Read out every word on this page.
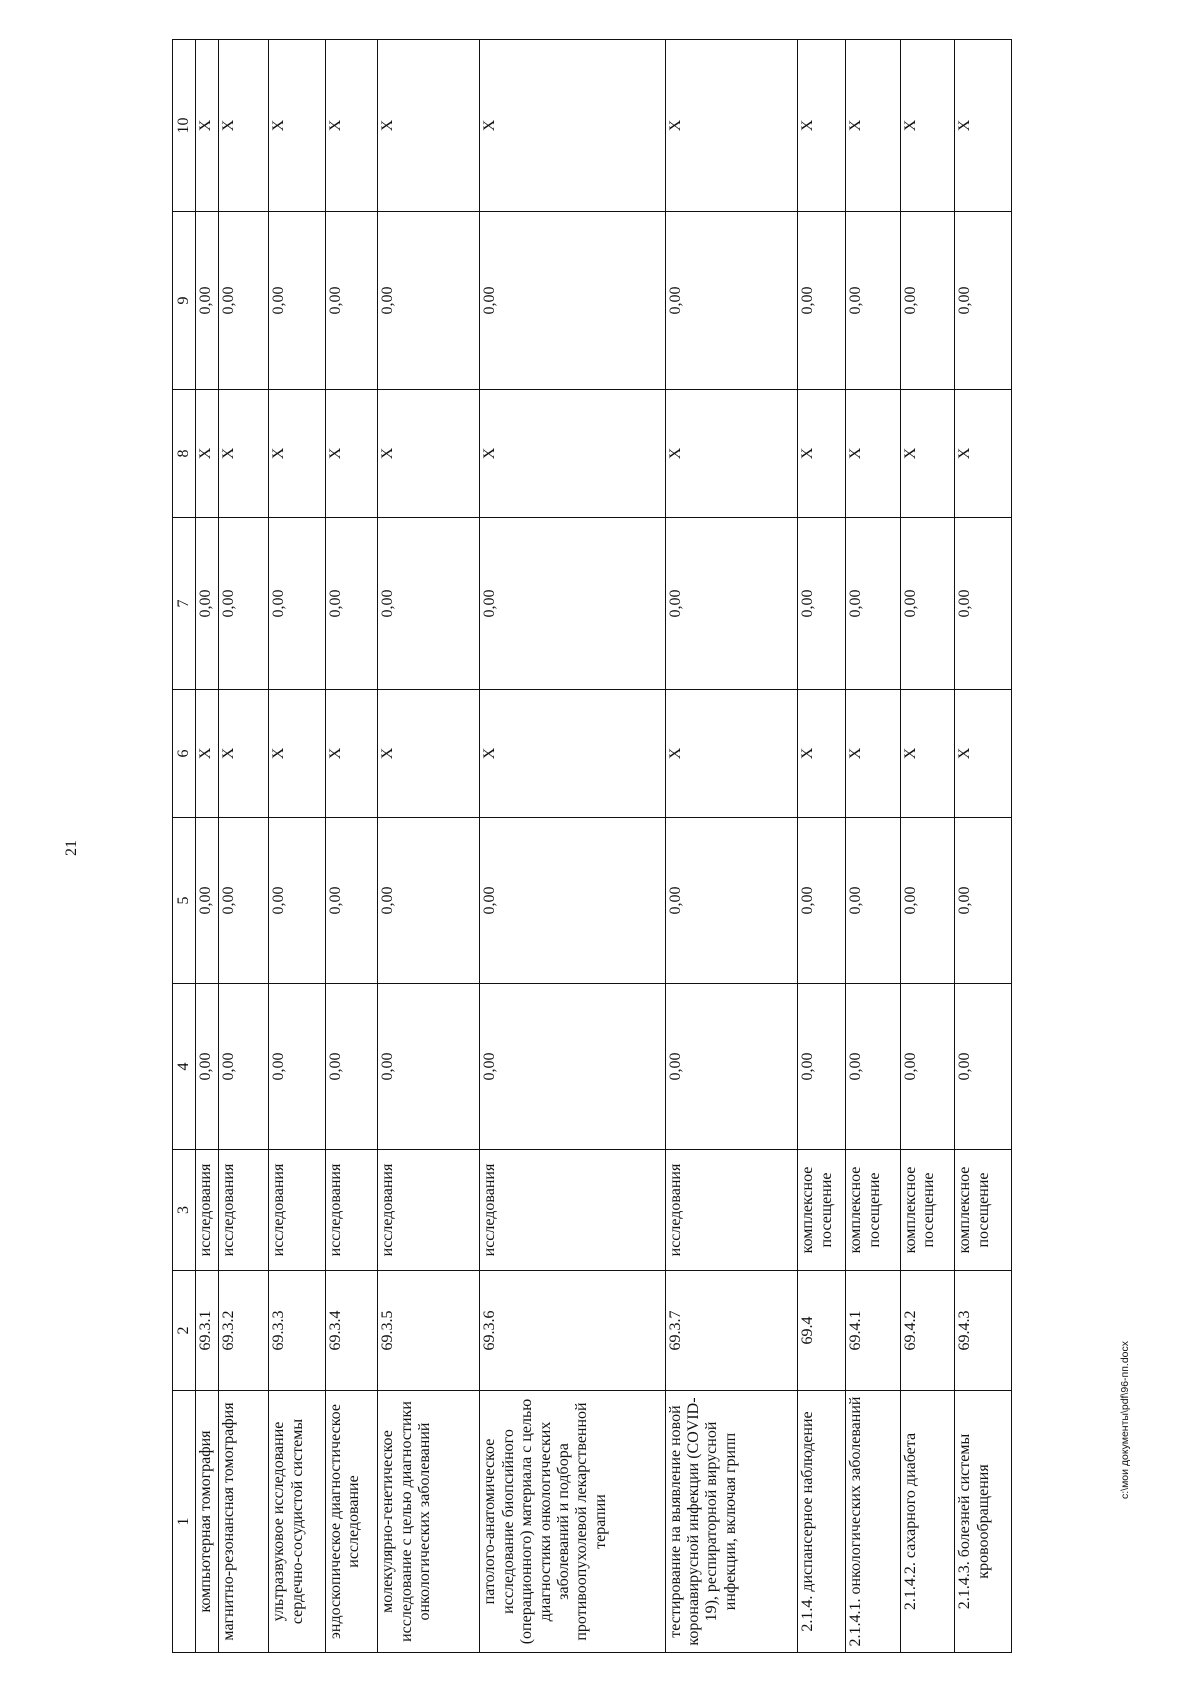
21
1	2	3	4	5	6	7	8	9	10
компьютерная томография	69.3.1	исследования	0,00	0,00	X	0,00	X	0,00	X
магнитно-резонансная томография	69.3.2	исследования	0,00	0,00	X	0,00	X	0,00	X
ультразвуковое исследование сердечно-сосудистой системы	69.3.3	исследования	0,00	0,00	X	0,00	X	0,00	X
эндоскопическое диагностическое исследование	69.3.4	исследования	0,00	0,00	X	0,00	X	0,00	X
молекулярно-генетическое исследование с целью диагностики онкологических заболеваний	69.3.5	исследования	0,00	0,00	X	0,00	X	0,00	X
патолого-анатомическое исследование биопсийного (операционного) материала с целью диагностики онкологических заболеваний и подбора противоопухолевой лекарственной терапии	69.3.6	исследования	0,00	0,00	X	0,00	X	0,00	X
тестирование на выявление новой коронавирусной инфекции (COVID-19), респираторной вирусной инфекции, включая грипп	69.3.7	исследования	0,00	0,00	X	0,00	X	0,00	X
2.1.4. диспансерное наблюдение	69.4	комплексное посещение	0,00	0,00	X	0,00	X	0,00	X
2.1.4.1. онкологических заболеваний	69.4.1	комплексное посещение	0,00	0,00	X	0,00	X	0,00	X
2.1.4.2. сахарного диабета	69.4.2	комплексное посещение	0,00	0,00	X	0,00	X	0,00	X
2.1.4.3. болезней системы кровообращения	69.4.3	комплексное посещение	0,00	0,00	X	0,00	X	0,00	X
c:\мои документы\pdf\96-пп.docx
